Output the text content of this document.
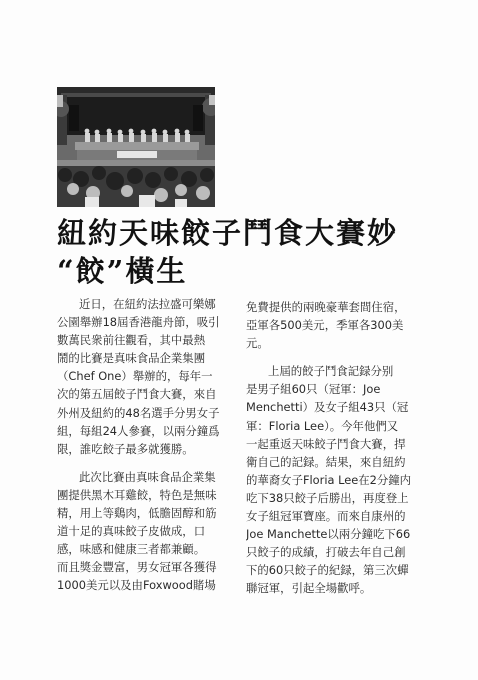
紐約天味餃子鬥食大賽妙
“餃”橫生

近日，在紐約法拉盛可樂娜
公園舉辦18屆香港龍舟節，吸引
數萬民衆前往觀看，其中最熱
鬧的比賽是真味食品企業集團
（Chef One）舉辦的，每年一
次的第五屆餃子鬥食大賽，來自
外州及紐約的48名選手分男女子
組，每組24人參賽，以兩分鐘爲
限，誰吃餃子最多就獲勝。

此次比賽由真味食品企業集
團提供黑木耳雞餃，特色是無味
精，用上等鷄肉，低膽固醇和筋
道十足的真味餃子皮做成，口
感，味感和健康三者都兼顧。
而且獎金豐富，男女冠軍各獲得
1000美元以及由Foxwood賭場

免費提供的兩晚豪華套間住宿，
亞軍各500美元，季軍各300美
元。

上屆的餃子鬥食記録分别
是男子組60只（冠軍：Joe
Menchetti）及女子組43只（冠
軍：Floria Lee）。今年他們又
一起重返天味餃子鬥食大賽，捍
衛自己的記録。結果，來自紐約
的華裔女子Floria Lee在2分鐘内
吃下38只餃子后勝出，再度登上
女子組冠軍寶座。而來自康州的
Joe Manchette以兩分鐘吃下66
只餃子的成績，打破去年自己創
下的60只餃子的紀録，第三次蟬
聯冠軍，引起全場歡呼。
